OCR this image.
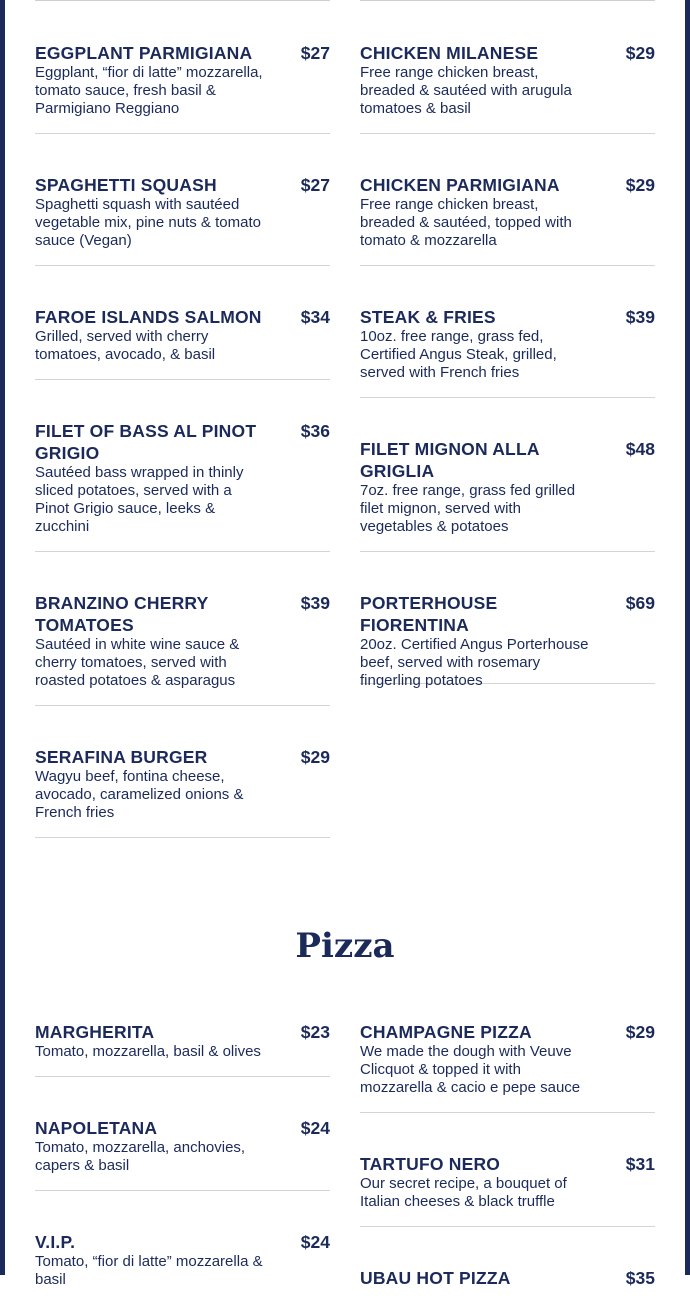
EGGPLANT PARMIGIANA	$27
Eggplant, “fior di latte” mozzarella, tomato sauce, fresh basil & Parmigiano Reggiano
SPAGHETTI SQUASH	$27
Spaghetti squash with sautéed vegetable mix, pine nuts & tomato sauce (Vegan)
FAROE ISLANDS SALMON $34
Grilled, served with cherry tomatoes, avocado, & basil
FILET OF BASS AL PINOT GRIGIO
$36
Sautéed bass wrapped in thinly sliced potatoes, served with a Pinot Grigio sauce, leeks & zucchini
BRANZINO CHERRY TOMATOES
$39
Sautéed in white wine sauce & cherry tomatoes, served with roasted potatoes & asparagus
SERAFINA BURGER	$29
Wagyu beef, fontina cheese, avocado, caramelized onions & French fries
CHICKEN MILANESE	$29
Free range chicken breast, breaded & sautéed with arugula tomatoes & basil
CHICKEN PARMIGIANA	$29
Free range chicken breast, breaded & sautéed, topped with tomato & mozzarella
STEAK & FRIES	$39
10oz. free range, grass fed, Certified Angus Steak, grilled, served with French fries
FILET MIGNON ALLA GRIGLIA
$48
7oz. free range, grass fed grilled filet mignon, served with vegetables & potatoes
PORTERHOUSE FIORENTINA
$69
20oz. Certified Angus Porterhouse beef, served with rosemary fingerling potatoes
Pizza
MARGHERITA	$23
Tomato, mozzarella, basil & olives
NAPOLETANA	$24
Tomato, mozzarella, anchovies, capers & basil
V.I.P.	$24
Tomato, “fior di latte” mozzarella & basil
CHAMPAGNE PIZZA	$29
We made the dough with Veuve Clicquot & topped it with mozzarella & cacio e pepe sauce
TARTUFO NERO	$31
Our secret recipe, a bouquet of Italian cheeses & black truffle
UBAU HOT PIZZA	$35
